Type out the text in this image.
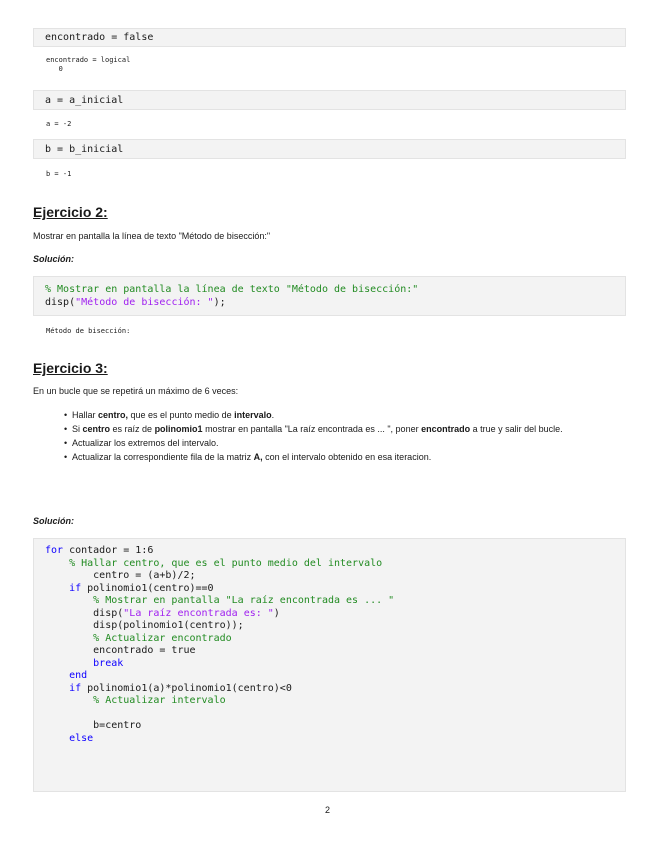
encontrado = false
encontrado = logical
0
a = a_inicial
a = -2
b = b_inicial
b = -1
Ejercicio 2:

Mostrar en pantalla la línea de texto "Método de bisección:"

Solución:

% Mostrar en pantalla la línea de texto "Método de bisección:"
disp("Método de bisección: ");
Método de bisección:
Ejercicio 3:

En un bucle que se repetirá un máximo de 6 veces:

• Hallar centro, que es el punto medio de intervalo.
• Si centro es raíz de polinomio1 mostrar en pantalla "La raíz encontrada es ... ", poner encontrado a true y salir del bucle.
• Actualizar los extremos del intervalo.
• Actualizar la correspondiente fila de la matriz A, con el intervalo obtenido en esa iteracion.

Solución:

for contador = 1:6
% Hallar centro, que es el punto medio del intervalo
centro = (a+b)/2;
if polinomio1(centro)==0
% Mostrar en pantalla "La raíz encontrada es ... "
disp("La raíz encontrada es: ")
disp(polinomio1(centro));
% Actualizar encontrado
encontrado = true
break
end
if polinomio1(a)*polinomio1(centro)<0
% Actualizar intervalo
b=centro
else
2
